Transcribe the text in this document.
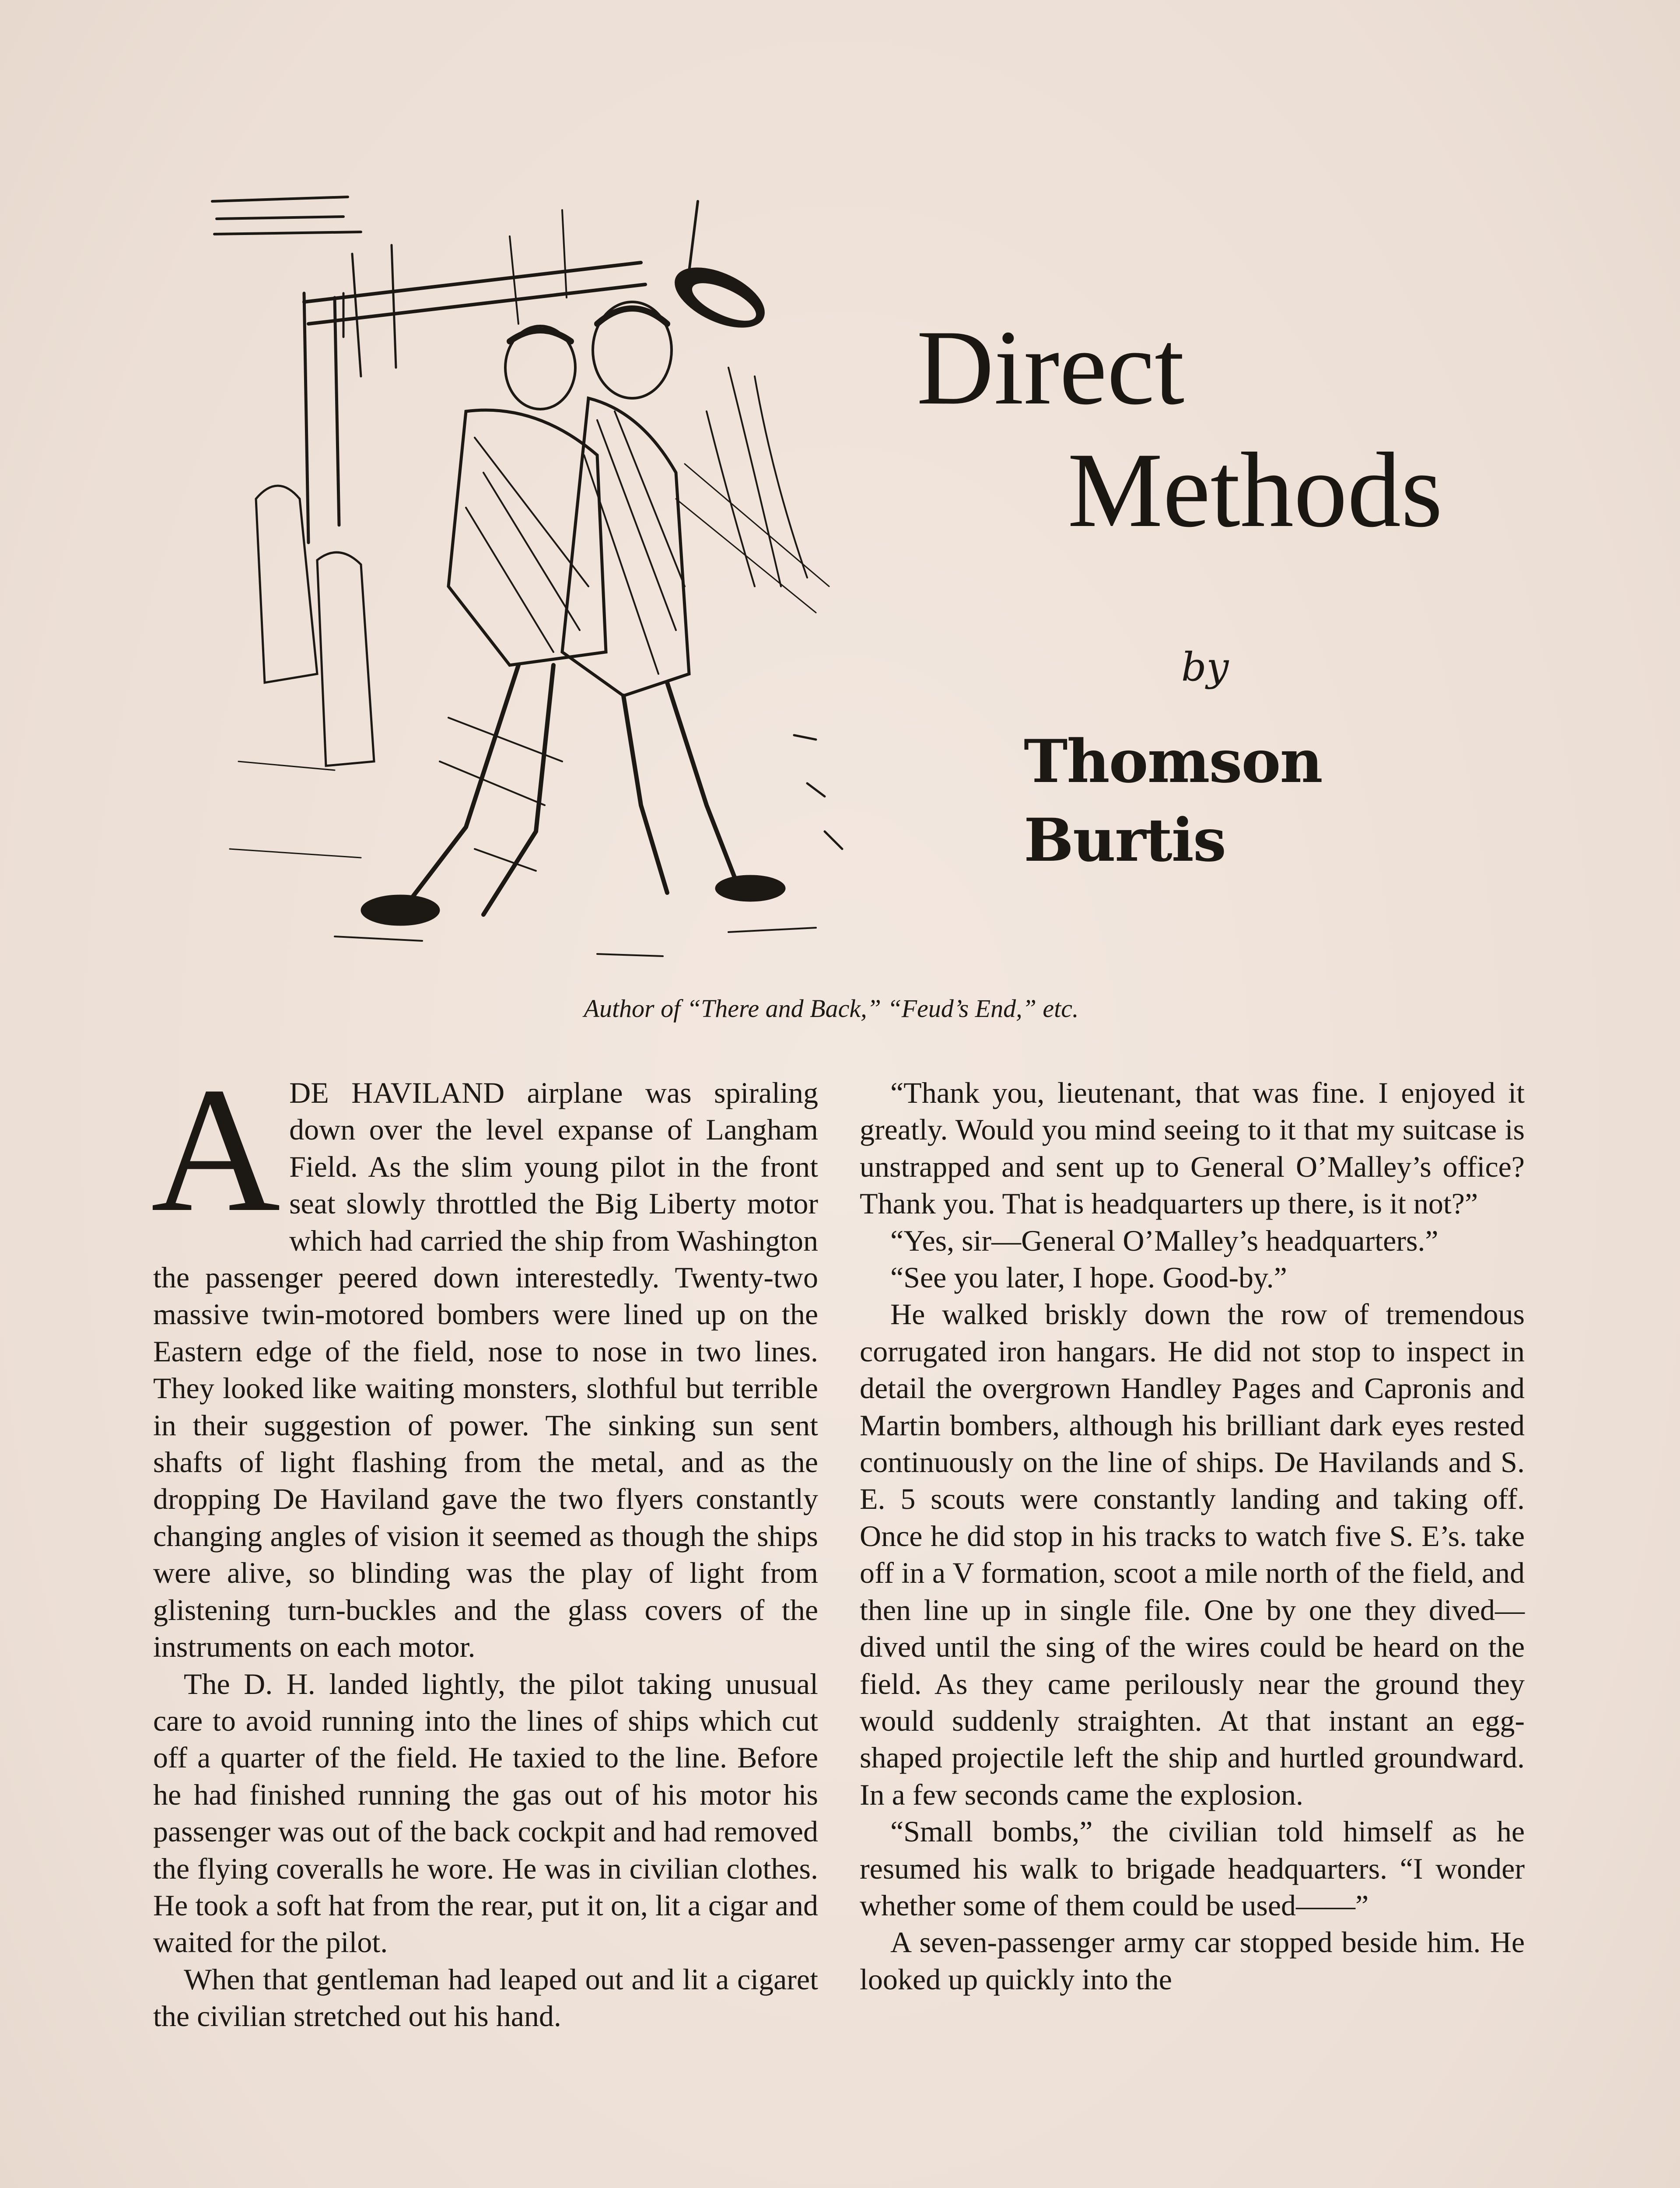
Direct
Methods
by
Thomson Burtis
Author of “There and Back,” “Feud’s End,” etc.

ADE HAVILAND airplane was spiraling down over the level expanse of Langham Field. As the slim young pilot in the front seat slowly throttled the Big Liberty motor which had carried the ship from Washington the passenger peered down interestedly. Twenty-two massive twin-motored bombers were lined up on the Eastern edge of the field, nose to nose in two lines. They looked like waiting monsters, slothful but terrible in their suggestion of power. The sinking sun sent shafts of light flashing from the metal, and as the dropping De Haviland gave the two flyers constantly changing angles of vision it seemed as though the ships were alive, so blinding was the play of light from glistening turn-buckles and the glass covers of the instruments on each motor.

The D. H. landed lightly, the pilot taking unusual care to avoid running into the lines of ships which cut off a quarter of the field. He taxied to the line. Before he had finished running the gas out of his motor his passenger was out of the back cockpit and had removed the flying coveralls he wore. He was in civilian clothes. He took a soft hat from the rear, put it on, lit a cigar and waited for the pilot.

When that gentleman had leaped out and lit a cigaret the civilian stretched out his hand.

“Thank you, lieutenant, that was fine. I enjoyed it greatly. Would you mind seeing to it that my suitcase is unstrapped and sent up to General O’Malley’s office? Thank you. That is headquarters up there, is it not?”

“Yes, sir—General O’Malley’s headquarters.”

“See you later, I hope. Good-by.”

He walked briskly down the row of tremendous corrugated iron hangars. He did not stop to inspect in detail the overgrown Handley Pages and Capronis and Martin bombers, although his brilliant dark eyes rested continuously on the line of ships. De Havilands and S. E. 5 scouts were constantly landing and taking off. Once he did stop in his tracks to watch five S. E’s. take off in a V formation, scoot a mile north of the field, and then line up in single file. One by one they dived—dived until the sing of the wires could be heard on the field. As they came perilously near the ground they would suddenly straighten. At that instant an egg-shaped projectile left the ship and hurtled groundward. In a few seconds came the explosion.

“Small bombs,” the civilian told himself as he resumed his walk to brigade headquarters. “I wonder whether some of them could be used——”

A seven-passenger army car stopped beside him. He looked up quickly into the
